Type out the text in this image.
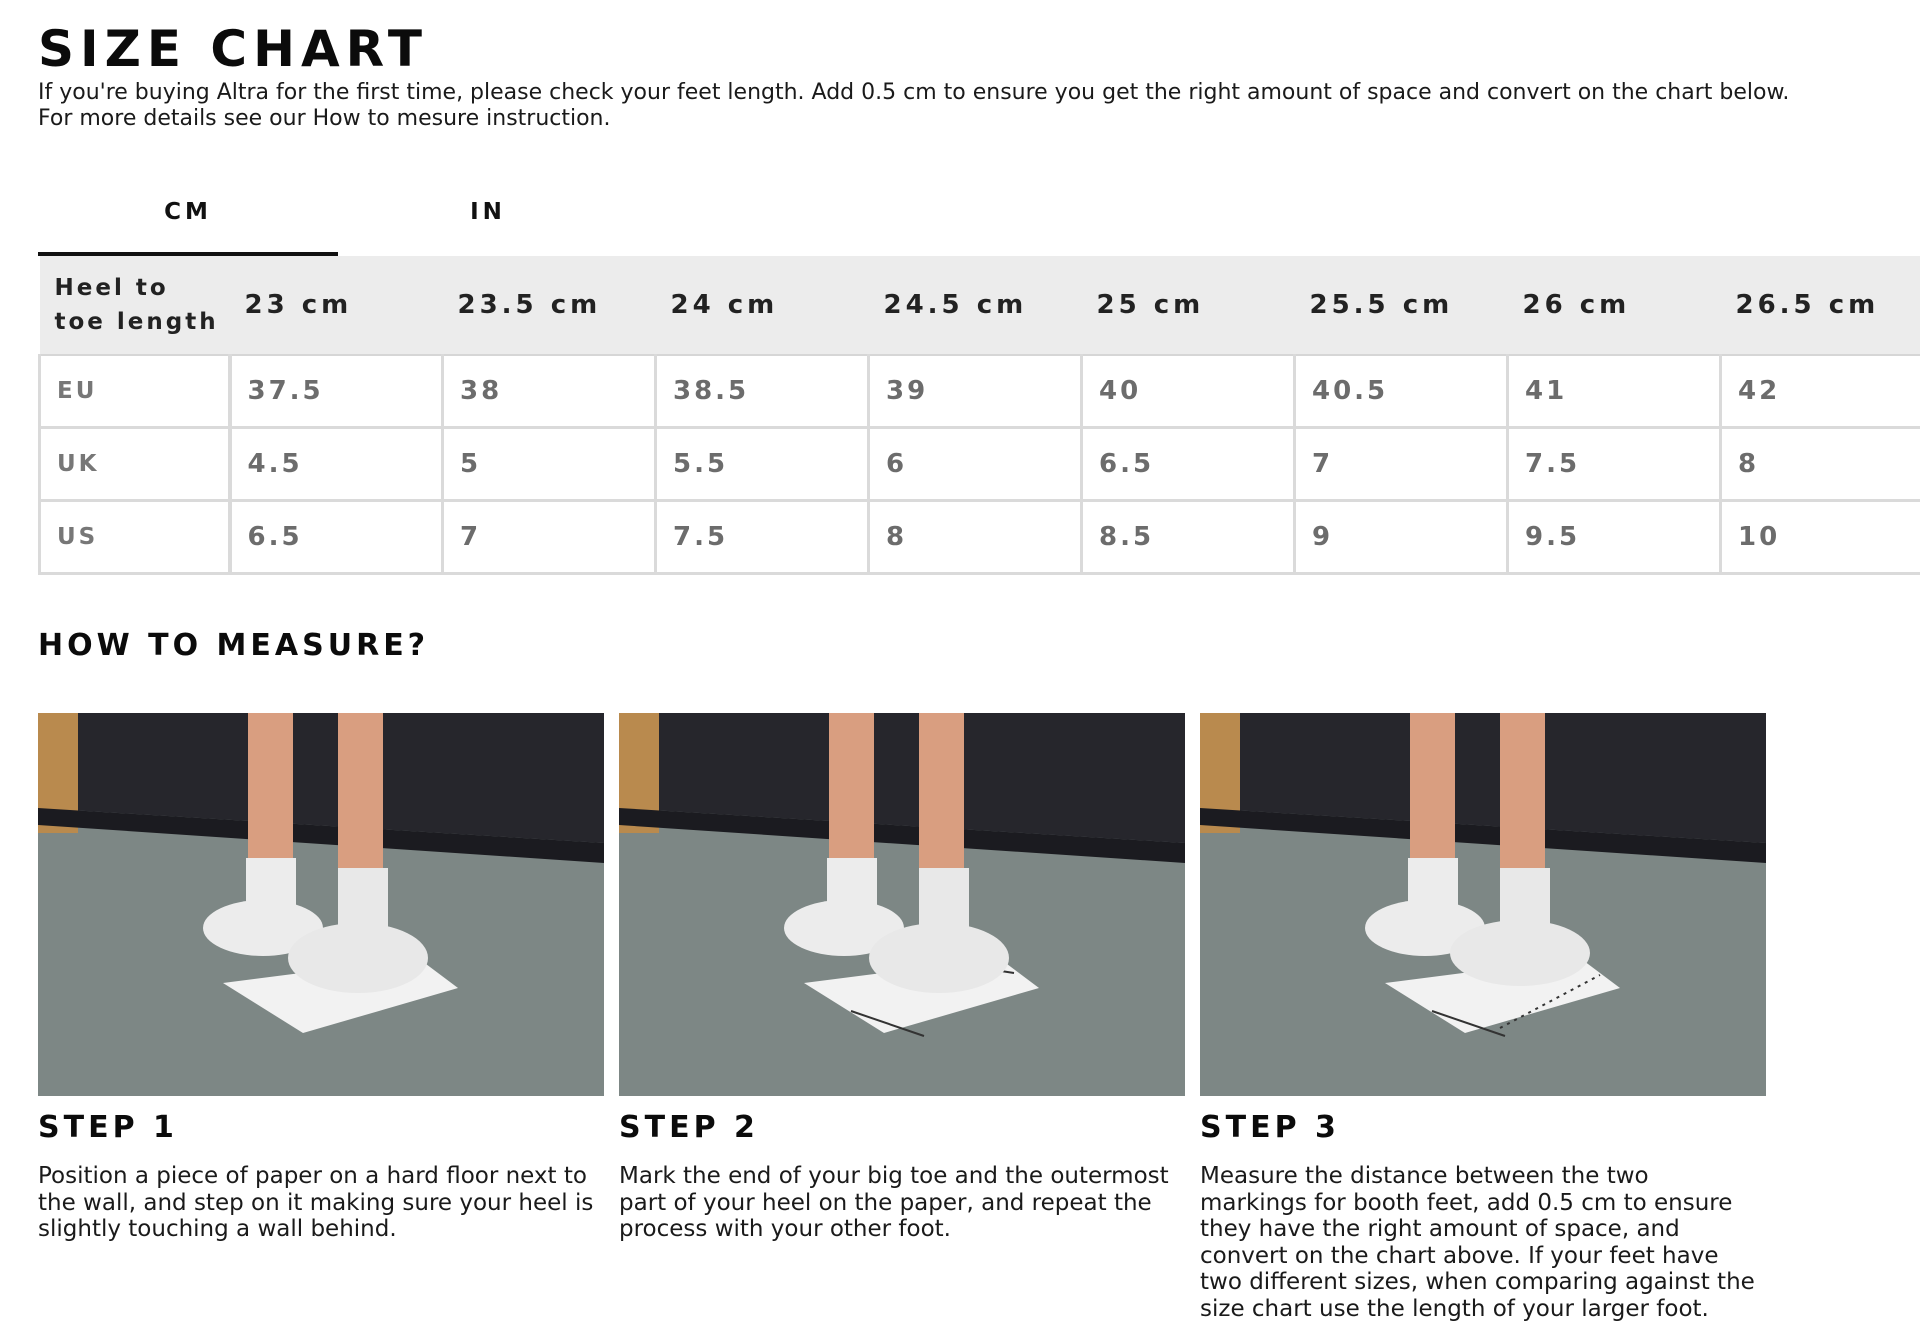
SIZE CHART

If you're buying Altra for the first time, please check your feet length. Add 0.5 cm to ensure you get the right amount of space and convert on the chart below.

For more details see our How to mesure instruction.

CM	IN
Heel to
toe length	23 cm	23.5 cm	24 cm	24.5 cm	25 cm	25.5 cm	26 cm	26.5 cm
EU	37.5	38	38.5	39	40	40.5	41	42
UK	4.5	5	5.5	6	6.5	7	7.5	8
US	6.5	7	7.5	8	8.5	9	9.5	10
HOW TO MEASURE?
STEP 1

Position a piece of paper on a hard floor next to the wall, and step on it making sure your heel is slightly touching a wall behind.

STEP 2

Mark the end of your big toe and the outermost part of your heel on the paper, and repeat the process with your other foot.

STEP 3

Measure the distance between the two markings for booth feet, add 0.5 cm to ensure they have the right amount of space, and convert on the chart above. If your feet have two different sizes, when comparing against the size chart use the length of your larger foot.
